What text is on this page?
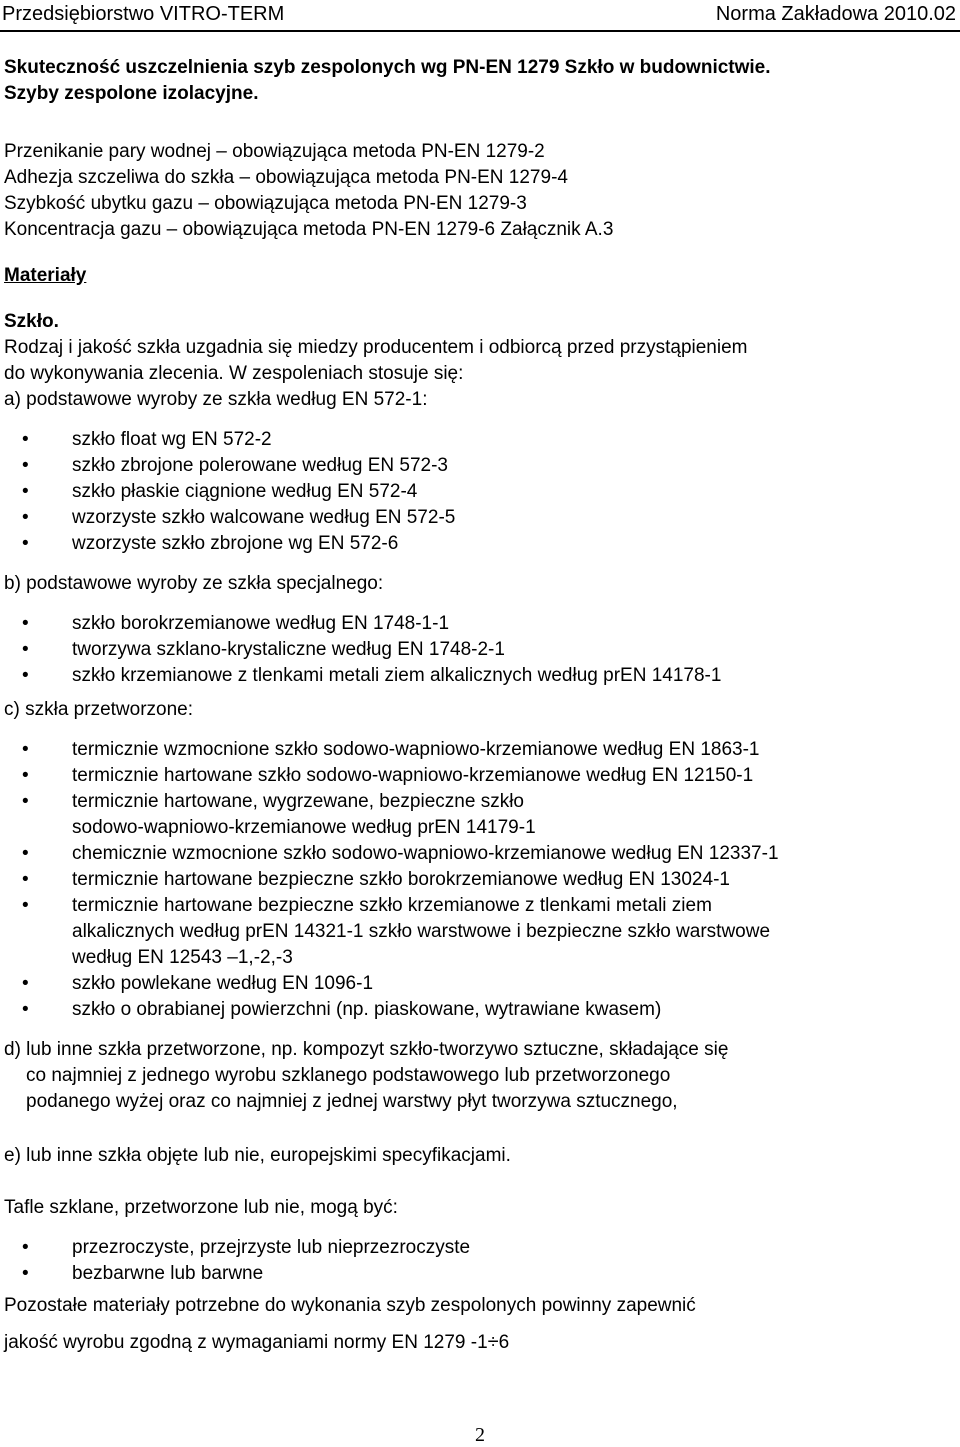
Przedsiębiorstwo VITRO-TERM	Norma Zakładowa 2010.02
Skuteczność uszczelnienia szyb zespolonych wg PN-EN 1279 Szkło w budownictwie.
Szyby zespolone izolacyjne.

Przenikanie pary wodnej – obowiązująca metoda PN-EN 1279-2

Adhezja szczeliwa do szkła – obowiązująca metoda PN-EN 1279-4

Szybkość ubytku gazu – obowiązująca metoda PN-EN 1279-3

Koncentracja gazu – obowiązująca metoda PN-EN 1279-6 Załącznik A.3

Materiały

Szkło.

Rodzaj i jakość szkła uzgadnia się miedzy producentem i odbiorcą przed przystąpieniem

do wykonywania zlecenia. W zespoleniach stosuje się:

a) podstawowe wyroby ze szkła według EN 572-1:

• szkło float wg EN 572-2
• szkło zbrojone polerowane według EN 572-3
• szkło płaskie ciągnione według EN 572-4
• wzorzyste szkło walcowane według EN 572-5
• wzorzyste szkło zbrojone wg EN 572-6

b) podstawowe wyroby ze szkła specjalnego:

• szkło borokrzemianowe według EN 1748-1-1
• tworzywa szklano-krystaliczne według EN 1748-2-1
• szkło krzemianowe z tlenkami metali ziem alkalicznych według prEN 14178-1

c) szkła przetworzone:

• termicznie wzmocnione szkło sodowo-wapniowo-krzemianowe według EN 1863-1
• termicznie hartowane szkło sodowo-wapniowo-krzemianowe według EN 12150-1
• termicznie hartowane, wygrzewane, bezpieczne szkło
sodowo-wapniowo-krzemianowe według prEN 14179-1
• chemicznie wzmocnione szkło sodowo-wapniowo-krzemianowe według EN 12337-1
• termicznie hartowane bezpieczne szkło borokrzemianowe według EN 13024-1
• termicznie hartowane bezpieczne szkło krzemianowe z tlenkami metali ziem
alkalicznych według prEN 14321-1 szkło warstwowe i bezpieczne szkło warstwowe
według EN 12543 –1,-2,-3
• szkło powlekane według EN 1096-1
• szkło o obrabianej powierzchni (np. piaskowane, wytrawiane kwasem)

d) lub inne szkła przetworzone, np. kompozyt szkło-tworzywo sztuczne, składające się

co najmniej z jednego wyrobu szklanego podstawowego lub przetworzonego

podanego wyżej oraz co najmniej z jednej warstwy płyt tworzywa sztucznego,

e) lub inne szkła objęte lub nie, europejskimi specyfikacjami.

Tafle szklane, przetworzone lub nie, mogą być:

• przezroczyste, przejrzyste lub nieprzezroczyste
• bezbarwne lub barwne

Pozostałe materiały potrzebne do wykonania szyb zespolonych powinny zapewnić

jakość wyrobu zgodną z wymaganiami normy EN 1279 -1÷6

2
